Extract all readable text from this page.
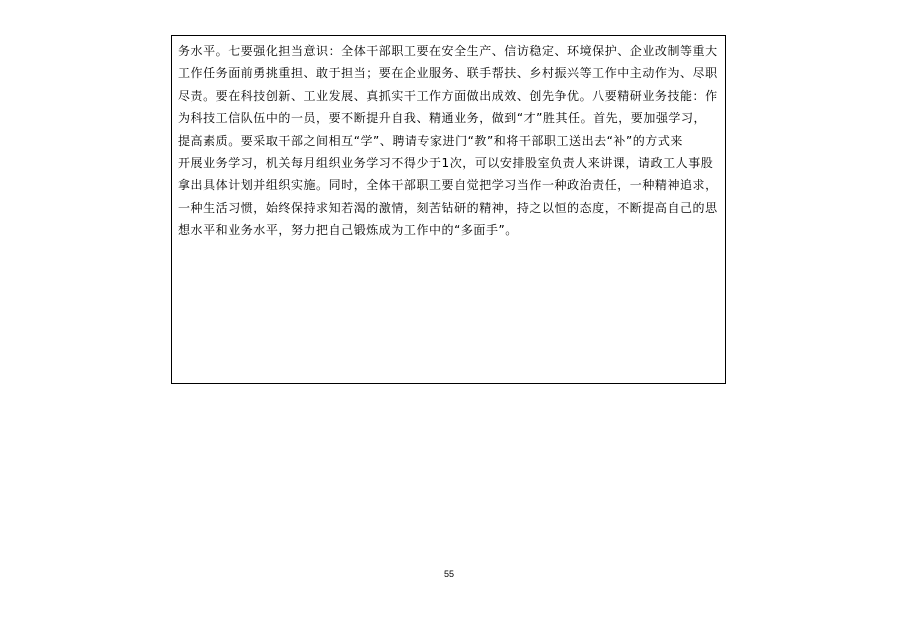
务水平。七要强化担当意识：全体干部职工要在安全生产、信访稳定、环境保护、企业改制等重大
工作任务面前勇挑重担、敢于担当；要在企业服务、联手帮扶、乡村振兴等工作中主动作为、尽职
尽责。要在科技创新、工业发展、真抓实干工作方面做出成效、创先争优。八要精研业务技能：作
为科技工信队伍中的一员，要不断提升自我、精通业务，做到“才”胜其任。首先，要加强学习，
提高素质。要采取干部之间相互“学”、聘请专家进门“教”和将干部职工送出去“补”的方式来
开展业务学习，机关每月组织业务学习不得少于1次，可以安排股室负责人来讲课，请政工人事股
拿出具体计划并组织实施。同时，全体干部职工要自觉把学习当作一种政治责任，一种精神追求，
一种生活习惯，始终保持求知若渴的激情，刻苦钻研的精神，持之以恒的态度，不断提高自己的思
想水平和业务水平，努力把自己锻炼成为工作中的“多面手”。
55
